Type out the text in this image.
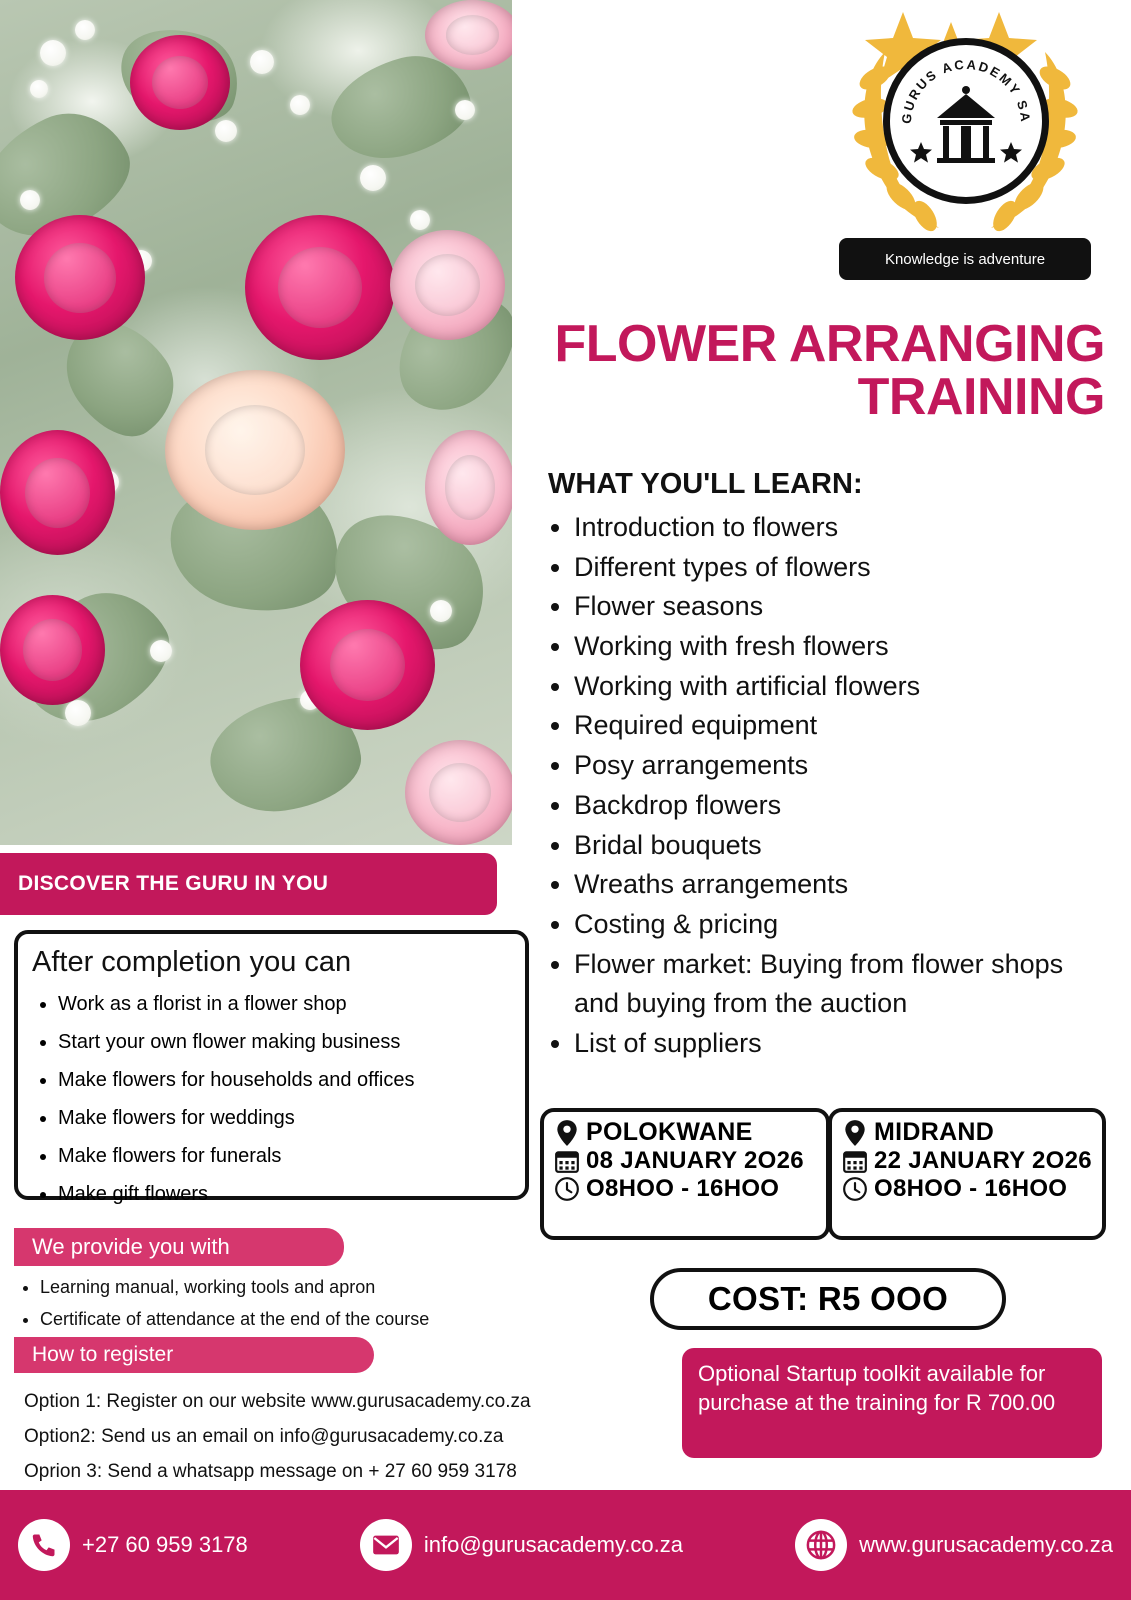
GURUS ACADEMY SA
Knowledge is adventure
FLOWER ARRANGING
TRAINING
WHAT YOU'LL LEARN:
• Introduction to flowers
• Different types of flowers
• Flower seasons
• Working with fresh flowers
• Working with artificial flowers
• Required equipment
• Posy arrangements
• Backdrop flowers
• Bridal bouquets
• Wreaths arrangements
• Costing & pricing
• Flower market: Buying from flower shops and buying from the auction
• List of suppliers
DISCOVER THE GURU IN YOU
After completion you can
• Work as a florist in a flower shop
• Start your own flower making business
• Make flowers for households and offices
• Make flowers for weddings
• Make flowers for funerals
• Make gift flowers
We provide you with
• Learning manual, working tools and apron
• Certificate of attendance at the end of the course
How to register
Option 1: Register on our website www.gurusacademy.co.za
Option2: Send us an email on info@gurusacademy.co.za
Oprion 3: Send a whatsapp message on + 27 60 959 3178
POLOKWANE
08 JANUARY 2O26
O8HOO - 16HOO
MIDRAND
22 JANUARY 2O26
O8HOO - 16HOO
COST: R5 OOO

Optional Startup toolkit available for purchase at the training for R 700.00

+27 60 959 3178	info@gurusacademy.co.za	www.gurusacademy.co.za
